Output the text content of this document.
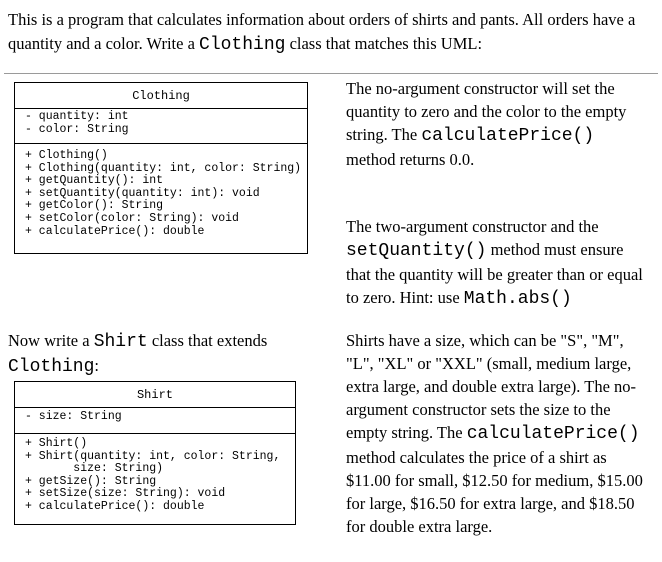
This is a program that calculates information about orders of shirts and pants. All orders have a quantity and a color. Write a Clothing class that matches this UML:
Clothing
- quantity: int
- color: String
+ Clothing()
+ Clothing(quantity: int, color: String)
+ getQuantity(): int
+ setQuantity(quantity: int): void
+ getColor(): String
+ setColor(color: String): void
+ calculatePrice(): double
The no-argument constructor will set the quantity to zero and the color to the empty string. The calculatePrice() method returns 0.0.
The two-argument constructor and the setQuantity() method must ensure that the quantity will be greater than or equal to zero. Hint: use Math.abs()
Now write a Shirt class that extends Clothing:
Shirt
- size: String
+ Shirt()
+ Shirt(quantity: int, color: String,
size: String)
+ getSize(): String
+ setSize(size: String): void
+ calculatePrice(): double
Shirts have a size, which can be "S", "M", "L", "XL" or "XXL" (small, medium large, extra large, and double extra large). The no-argument constructor sets the size to the empty string. The calculatePrice() method calculates the price of a shirt as $11.00 for small, $12.50 for medium, $15.00 for large, $16.50 for extra large, and $18.50 for double extra large.
